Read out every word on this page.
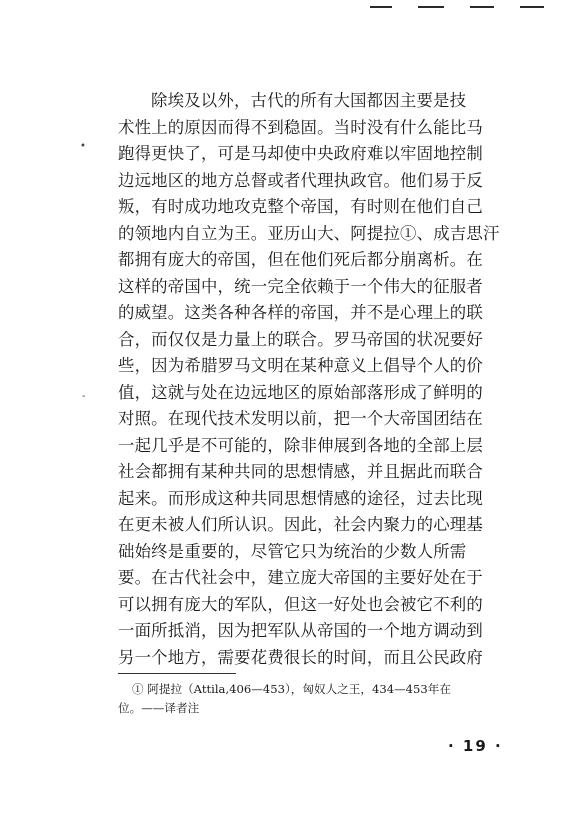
•
-
除埃及以外，古代的所有大国都因主要是技
术性上的原因而得不到稳固。当时没有什么能比马
跑得更快了，可是马却使中央政府难以牢固地控制
边远地区的地方总督或者代理执政官。他们易于反
叛，有时成功地攻克整个帝国，有时则在他们自己
的领地内自立为王。亚历山大、阿提拉①、成吉思汗
都拥有庞大的帝国，但在他们死后都分崩离析。在
这样的帝国中，统一完全依赖于一个伟大的征服者
的威望。这类各种各样的帝国，并不是心理上的联
合，而仅仅是力量上的联合。罗马帝国的状况要好
些，因为希腊罗马文明在某种意义上倡导个人的价
值，这就与处在边远地区的原始部落形成了鲜明的
对照。在现代技术发明以前，把一个大帝国团结在
一起几乎是不可能的，除非伸展到各地的全部上层
社会都拥有某种共同的思想情感，并且据此而联合
起来。而形成这种共同思想情感的途径，过去比现
在更未被人们所认识。因此，社会内聚力的心理基
础始终是重要的，尽管它只为统治的少数人所需
要。在古代社会中，建立庞大帝国的主要好处在于
可以拥有庞大的军队，但这一好处也会被它不利的
一面所抵消，因为把军队从帝国的一个地方调动到
另一个地方，需要花费很长的时间，而且公民政府
① 阿提拉（Attila,406—453），匈奴人之王，434—453年在
位。——译者注
· 19 ·
